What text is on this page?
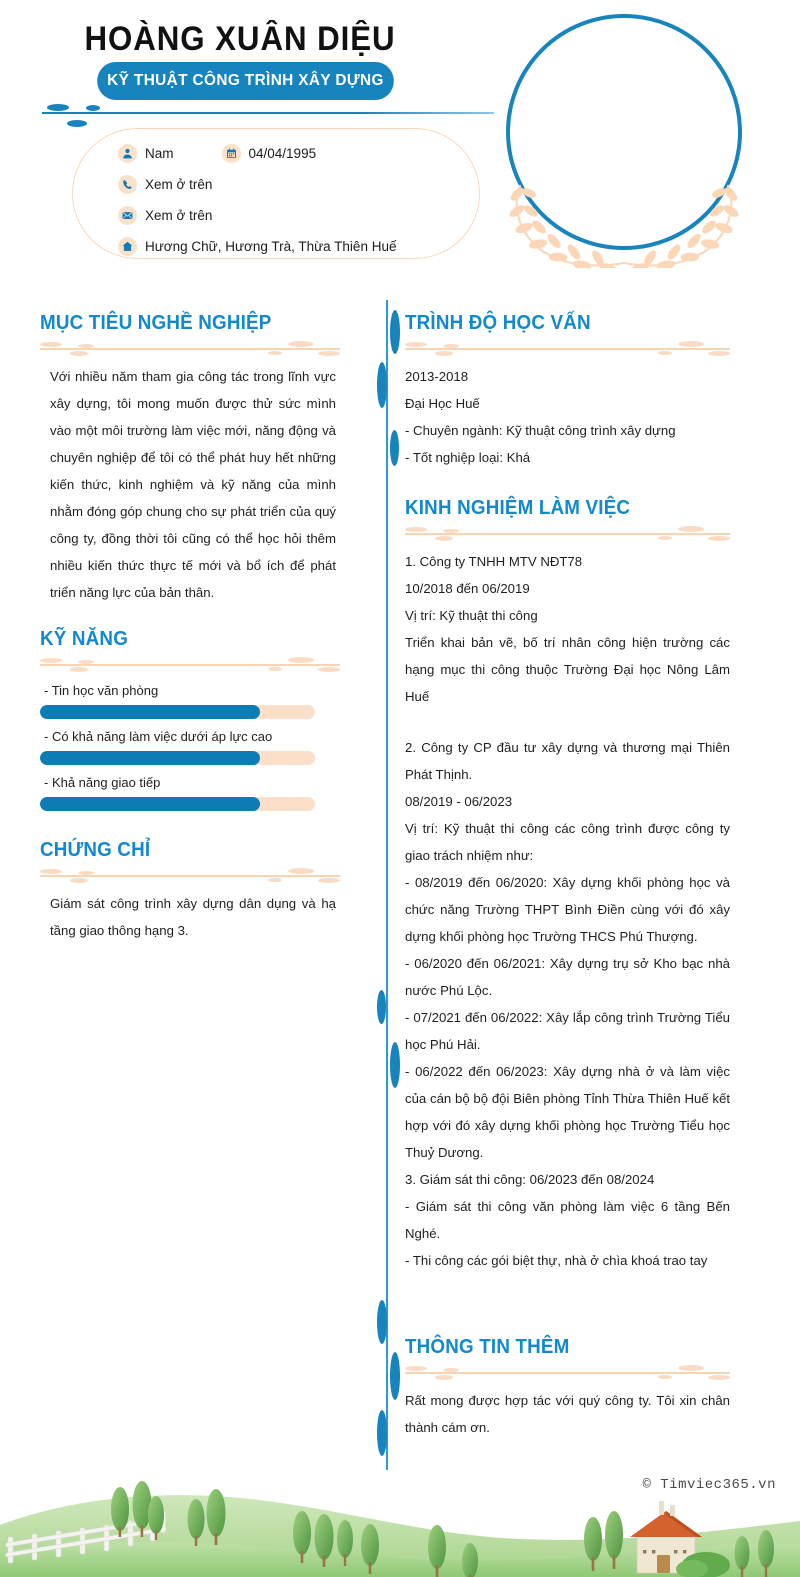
HOÀNG XUÂN DIỆU
KỸ THUẬT CÔNG TRÌNH XÂY DỰNG
Nam	04/04/1995
Xem ở trên
Xem ở trên
Hương Chữ, Hương Trà, Thừa Thiên Huế
MỤC TIÊU NGHỀ NGHIỆP
Với nhiều năm tham gia công tác trong lĩnh vực xây dựng, tôi mong muốn được thử sức mình vào một môi trường làm việc mới, năng động và chuyên nghiệp để tôi có thể phát huy hết những kiến thức, kinh nghiệm và kỹ năng của mình nhằm đóng góp chung cho sự phát triển của quý công ty, đồng thời tôi cũng có thể học hỏi thêm nhiều kiến thức thực tế mới và bổ ích để phát triển năng lực của bản thân.
KỸ NĂNG
- Tin học văn phòng
- Có khả năng làm việc dưới áp lực cao
- Khả năng giao tiếp
CHỨNG CHỈ
Giám sát công trình xây dựng dân dụng và hạ tầng giao thông hạng 3.
TRÌNH ĐỘ HỌC VẤN
2013-2018
Đại Học Huế
- Chuyên ngành: Kỹ thuật công trình xây dựng
- Tốt nghiệp loại: Khá
KINH NGHIỆM LÀM VIỆC
1. Công ty TNHH MTV NĐT78
10/2018 đến 06/2019
Vị trí: Kỹ thuật thi công
Triển khai bản vẽ, bố trí nhân công hiện trường các hạng mục thi công thuộc Trường Đại học Nông Lâm Huế
2. Công ty CP đầu tư xây dựng và thương mại Thiên Phát Thịnh.
08/2019 - 06/2023
Vị trí: Kỹ thuật thi công các công trình được công ty giao trách nhiệm như:
- 08/2019 đến 06/2020: Xây dựng khối phòng học và chức năng Trường THPT Bình Điền cùng với đó xây dựng khối phòng học Trường THCS Phú Thượng.
- 06/2020 đến 06/2021: Xây dựng trụ sở Kho bạc nhà nước Phú Lộc.
- 07/2021 đến 06/2022: Xây lắp công trình Trường Tiểu học Phú Hải.
- 06/2022 đến 06/2023: Xây dựng nhà ở và làm việc của cán bộ bộ đội Biên phòng Tỉnh Thừa Thiên Huế kết hợp với đó xây dựng khối phòng học Trường Tiểu học Thuỷ Dương.
3. Giám sát thi công: 06/2023 đến 08/2024
- Giám sát thi công văn phòng làm việc 6 tầng Bến Nghé.
- Thi công các gói biệt thự, nhà ở chìa khoá trao tay
THÔNG TIN THÊM
Rất mong được hợp tác với quý công ty. Tôi xin chân thành cám ơn.
© Timviec365.vn
